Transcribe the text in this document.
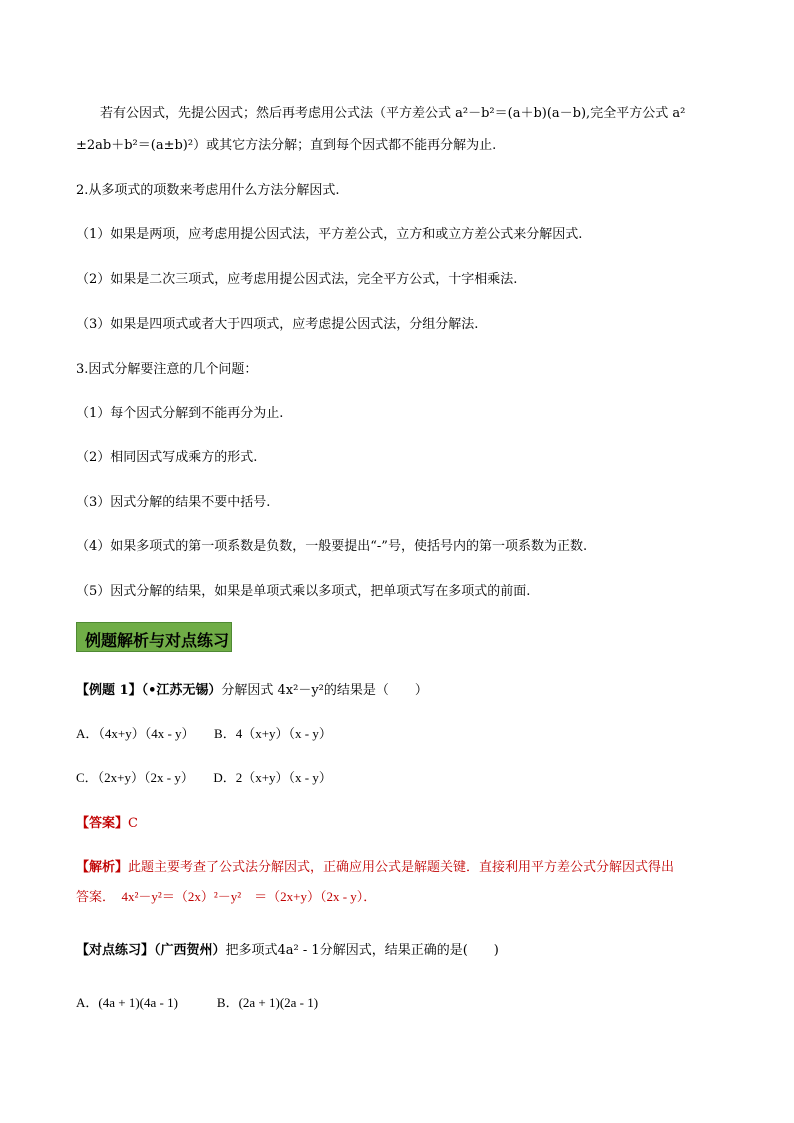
若有公因式，先提公因式；然后再考虑用公式法（平方差公式 a²－b²＝(a＋b)(a－b),完全平方公式 a²
±2ab＋b²＝(a±b)²）或其它方法分解；直到每个因式都不能再分解为止.
2.从多项式的项数来考虑用什么方法分解因式.
（1）如果是两项，应考虑用提公因式法，平方差公式，立方和或立方差公式来分解因式.
（2）如果是二次三项式，应考虑用提公因式法，完全平方公式，十字相乘法.
（3）如果是四项式或者大于四项式，应考虑提公因式法，分组分解法.
3.因式分解要注意的几个问题：
（1）每个因式分解到不能再分为止.
（2）相同因式写成乘方的形式.
（3）因式分解的结果不要中括号.
（4）如果多项式的第一项系数是负数，一般要提出“-”号，使括号内的第一项系数为正数.
（5）因式分解的结果，如果是单项式乘以多项式，把单项式写在多项式的前面.
例题解析与对点练习
【例题 1】（•江苏无锡）分解因式 4x²－y²的结果是（　　）
A．（4x+y）（4x - y）　　B．4（x+y）（x - y）
C．（2x+y）（2x - y）　　D．2（x+y）（x - y）
【答案】C
【解析】此题主要考查了公式法分解因式，正确应用公式是解题关键．直接利用平方差公式分解因式得出
答案．　 4x²－y²＝（2x）²－y²　＝（2x+y）（2x - y）．
【对点练习】（广西贺州）把多项式4a² - 1分解因式，结果正确的是(　　)
A．(4a + 1)(4a - 1)　　　B．(2a + 1)(2a - 1)
